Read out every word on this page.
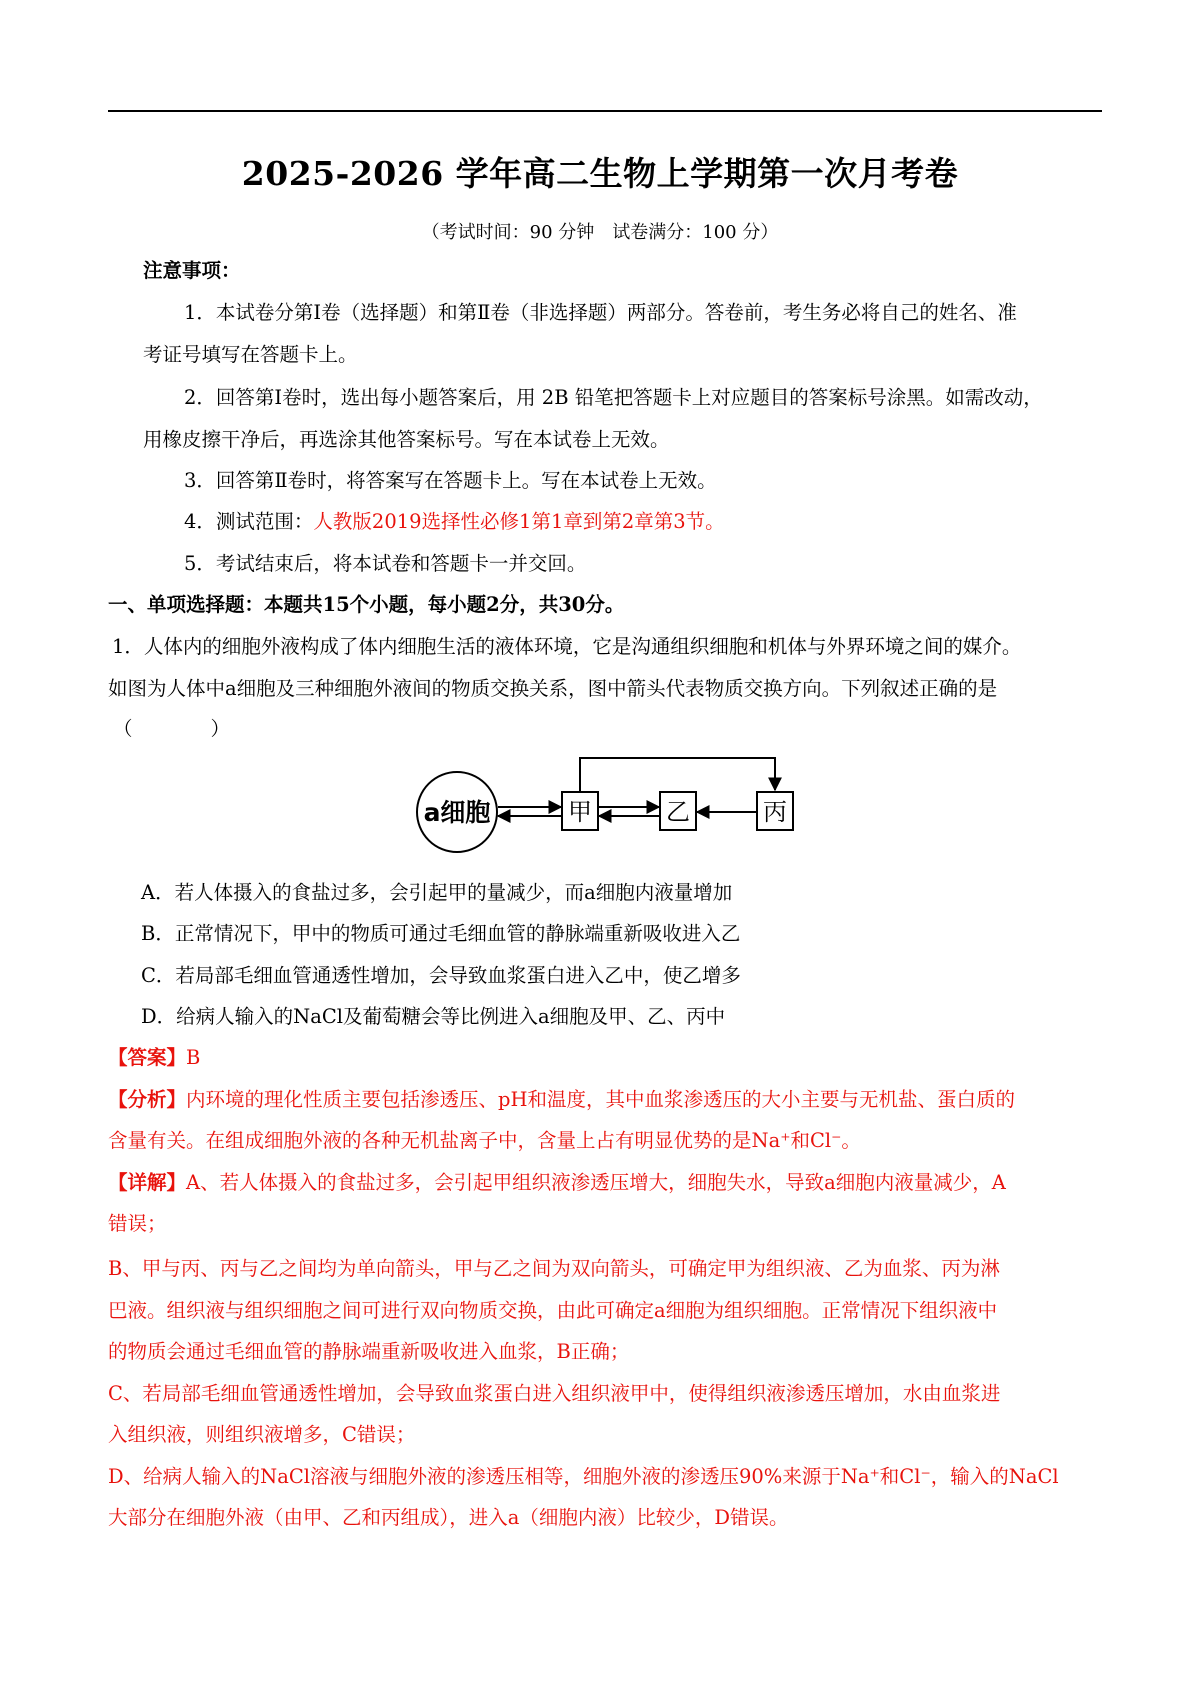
2025-2026 学年高二生物上学期第一次月考卷
（考试时间：90 分钟　试卷满分：100 分）
注意事项：
1．本试卷分第Ⅰ卷（选择题）和第Ⅱ卷（非选择题）两部分。答卷前，考生务必将自己的姓名、准
考证号填写在答题卡上。
2．回答第Ⅰ卷时，选出每小题答案后，用 2B 铅笔把答题卡上对应题目的答案标号涂黑。如需改动，
用橡皮擦干净后，再选涂其他答案标号。写在本试卷上无效。
3．回答第Ⅱ卷时，将答案写在答题卡上。写在本试卷上无效。
4．测试范围：人教版2019选择性必修1第1章到第2章第3节。
5．考试结束后，将本试卷和答题卡一并交回。
一、单项选择题：本题共15个小题，每小题2分，共30分。
1．人体内的细胞外液构成了体内细胞生活的液体环境，它是沟通组织细胞和机体与外界环境之间的媒介。
如图为人体中a细胞及三种细胞外液间的物质交换关系，图中箭头代表物质交换方向。下列叙述正确的是
（　　　　）
a细胞	甲	乙	丙
A．若人体摄入的食盐过多，会引起甲的量减少，而a细胞内液量增加
B．正常情况下，甲中的物质可通过毛细血管的静脉端重新吸收进入乙
C．若局部毛细血管通透性增加，会导致血浆蛋白进入乙中，使乙增多
D．给病人输入的NaCl及葡萄糖会等比例进入a细胞及甲、乙、丙中
【答案】B
【分析】内环境的理化性质主要包括渗透压、pH和温度，其中血浆渗透压的大小主要与无机盐、蛋白质的
含量有关。在组成细胞外液的各种无机盐离子中，含量上占有明显优势的是Na⁺和Cl⁻。
【详解】A、若人体摄入的食盐过多，会引起甲组织液渗透压增大，细胞失水，导致a细胞内液量减少，A
错误；
B、甲与丙、丙与乙之间均为单向箭头，甲与乙之间为双向箭头，可确定甲为组织液、乙为血浆、丙为淋
巴液。组织液与组织细胞之间可进行双向物质交换，由此可确定a细胞为组织细胞。正常情况下组织液中
的物质会通过毛细血管的静脉端重新吸收进入血浆，B正确；
C、若局部毛细血管通透性增加，会导致血浆蛋白进入组织液甲中，使得组织液渗透压增加，水由血浆进
入组织液，则组织液增多，C错误；
D、给病人输入的NaCl溶液与细胞外液的渗透压相等，细胞外液的渗透压90%来源于Na⁺和Cl⁻，输入的NaCl
大部分在细胞外液（由甲、乙和丙组成），进入a（细胞内液）比较少，D错误。
